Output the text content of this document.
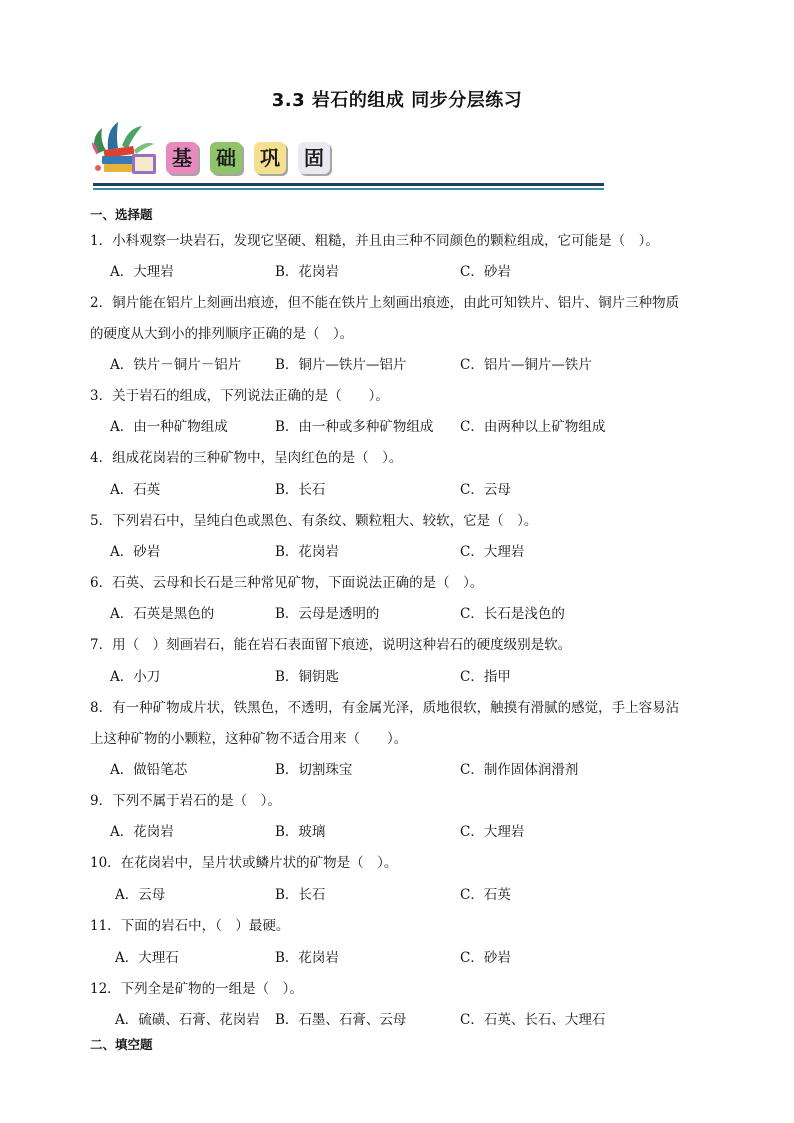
3.3 岩石的组成 同步分层练习
基	础	巩	固
一、选择题
1．小科观察一块岩石，发现它坚硬、粗糙，并且由三种不同颜色的颗粒组成，它可能是（　）。
A．大理岩	B．花岗岩	C．砂岩
2．铜片能在铝片上刻画出痕迹，但不能在铁片上刻画出痕迹，由此可知铁片、铝片、铜片三种物质
的硬度从大到小的排列顺序正确的是（　）。
A．铁片－铜片－铝片	B．铜片—铁片—铝片	C．铝片—铜片—铁片
3．关于岩石的组成，下列说法正确的是（　　）。
A．由一种矿物组成	B．由一种或多种矿物组成 C．由两种以上矿物组成
4．组成花岗岩的三种矿物中，呈肉红色的是（　）。
A．石英	B．长石	C．云母
5．下列岩石中，呈纯白色或黑色、有条纹、颗粒粗大、较软，它是（　）。
A．砂岩	B．花岗岩	C．大理岩
6．石英、云母和长石是三种常见矿物，下面说法正确的是（　）。
A．石英是黑色的	B．云母是透明的	C．长石是浅色的
7．用（　）刻画岩石，能在岩石表面留下痕迹，说明这种岩石的硬度级别是软。
A．小刀	B．铜钥匙	C．指甲
8．有一种矿物成片状，铁黑色，不透明，有金属光泽，质地很软，触摸有滑腻的感觉，手上容易沾
上这种矿物的小颗粒，这种矿物不适合用来（　　）。
A．做铅笔芯	B．切割珠宝	C．制作固体润滑剂
9．下列不属于岩石的是（　）。
A．花岗岩	B．玻璃	C．大理岩
10．在花岗岩中，呈片状或鳞片状的矿物是（　）。
A．云母	B．长石	C．石英
11．下面的岩石中，（　）最硬。
A．大理石	B．花岗岩	C．砂岩
12．下列全是矿物的一组是（　）。
A．硫磺、石膏、花岗岩 B．石墨、石膏、云母	C．石英、长石、大理石
二、填空题
